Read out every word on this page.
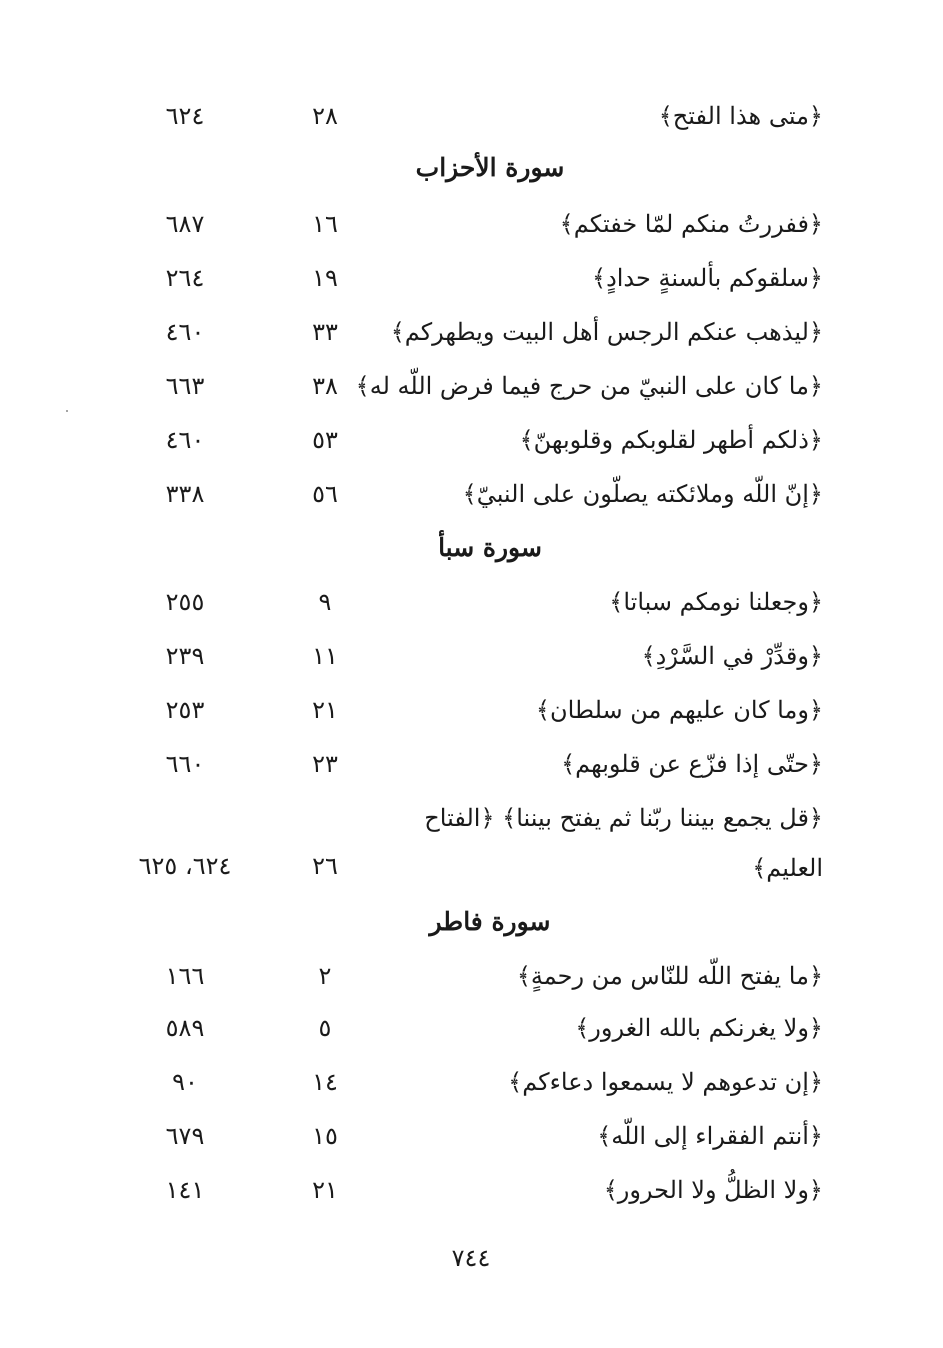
﴿متى هذا الفتح﴾
٢٨
٦٢٤
سورة الأحزاب
﴿ففررتُ منكم لمّا خفتكم﴾
١٦
٦٨٧
﴿سلقوكم بألسنةٍ حدادٍ﴾
١٩
٢٦٤
﴿ليذهب عنكم الرجس أهل البيت ويطهركم﴾
٣٣
٤٦٠
﴿ما كان على النبيّ من حرج فيما فرض اللّه له﴾
٣٨
٦٦٣
﴿ذلكم أطهر لقلوبكم وقلوبهنّ﴾
٥٣
٤٦٠
﴿إنّ اللّه وملائكته يصلّون على النبيّ﴾
٥٦
٣٣٨
سورة سبأ
﴿وجعلنا نومكم سباتا﴾
٩
٢٥٥
﴿وقدِّرْ في السَّرْدِ﴾
١١
٢٣٩
﴿وما كان عليهم من سلطان﴾
٢١
٢٥٣
﴿حتّى إذا فزّع عن قلوبهم﴾
٢٣
٦٦٠
﴿قل يجمع بيننا ربّنا ثم يفتح بيننا﴾ ﴿الفتاح
العليم﴾
٢٦
٦٢٤، ٦٢٥
سورة فاطر
﴿ما يفتح اللّه للنّاس من رحمةٍ﴾
٢
١٦٦
﴿ولا يغرنكم بالله الغرور﴾
٥
٥٨٩
﴿إن تدعوهم لا يسمعوا دعاءكم﴾
١٤
٩٠
﴿أنتم الفقراء إلى اللّه﴾
١٥
٦٧٩
﴿ولا الظلُّ ولا الحرور﴾
٢١
١٤١
٧٤٤
